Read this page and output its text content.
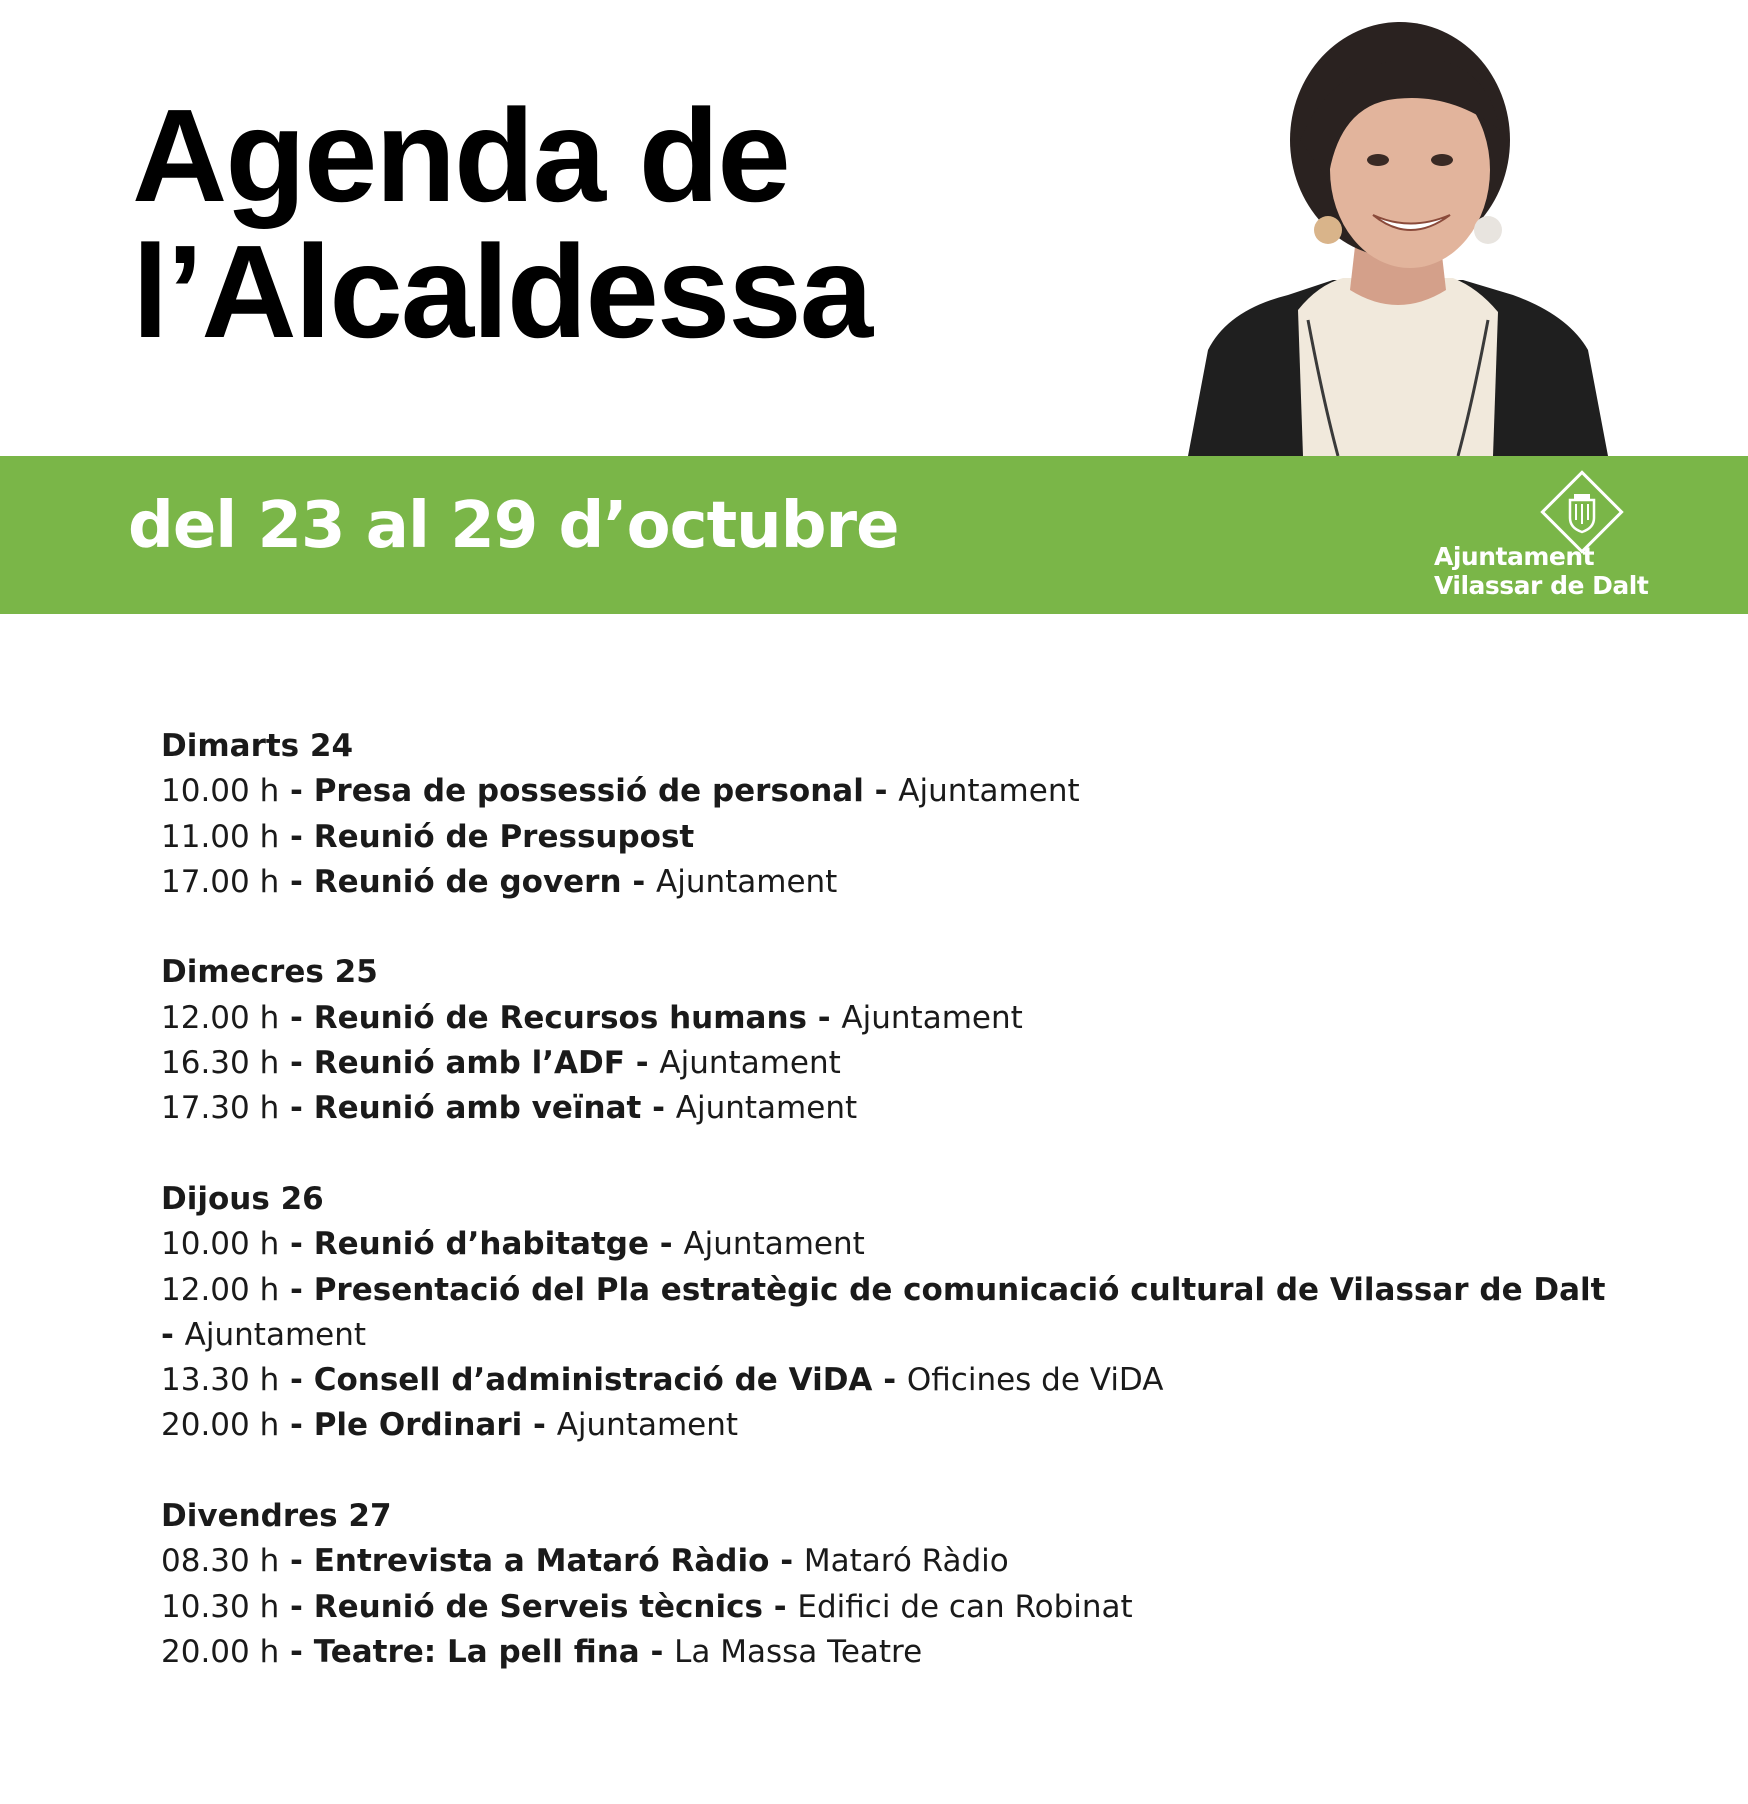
Agenda de
l’Alcaldessa
del 23 al 29 d’octubre	Ajuntament
Vilassar de Dalt
Dimarts 24
10.00 h - Presa de possessió de personal - Ajuntament
11.00 h - Reunió de Pressupost
17.00 h - Reunió de govern - Ajuntament
Dimecres 25
12.00 h - Reunió de Recursos humans - Ajuntament
16.30 h - Reunió amb l’ADF - Ajuntament
17.30 h - Reunió amb veïnat - Ajuntament
Dijous 26
10.00 h - Reunió d’habitatge - Ajuntament
12.00 h - Presentació del Pla estratègic de comunicació cultural de Vilassar de Dalt
- Ajuntament
13.30 h - Consell d’administració de ViDA - Oficines de ViDA
20.00 h - Ple Ordinari - Ajuntament
Divendres 27
08.30 h - Entrevista a Mataró Ràdio - Mataró Ràdio
10.30 h - Reunió de Serveis tècnics - Edifici de can Robinat
20.00 h - Teatre: La pell fina - La Massa Teatre
